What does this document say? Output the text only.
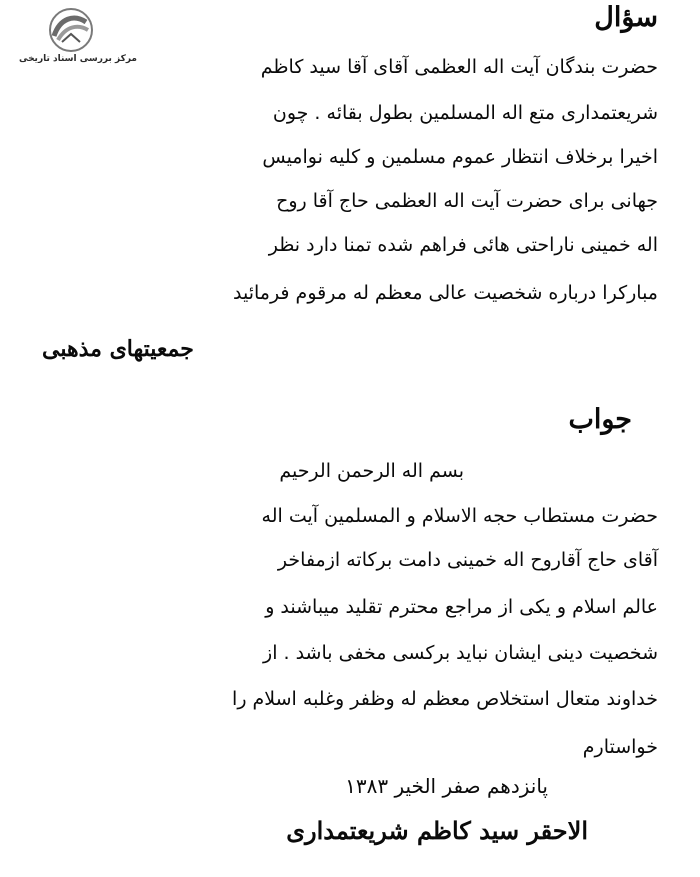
مرکز بررسی اسناد تاریخی
سؤال
حضرت بندگان آیت اله العظمی آقای آقا سید کاظم
شریعتمداری متع اله المسلمین بطول بقائه . چون
اخیرا برخلاف انتظار عموم مسلمین و کلیه نوامیس
جهانی برای حضرت آیت اله العظمی حاج آقا روح
اله خمینی ناراحتی هائی فراهم شده تمنا دارد نظر
مبارکرا درباره شخصیت عالی معظم له مرقوم فرمائید
جمعیتهای مذهبی
جواب
بسم اله الرحمن الرحیم
حضرت مستطاب حجه الاسلام و المسلمین آیت اله
آقای حاج آقاروح اله خمینی دامت برکاته ازمفاخر
عالم اسلام و یکی از مراجع محترم تقلید میباشند و
شخصیت دینی ایشان نباید برکسی مخفی باشد . از
خداوند متعال استخلاص معظم له وظفر وغلبه اسلام را
خواستارم
پانزدهم صفر الخیر ۱۳۸۳
الاحقر سید کاظم شریعتمداری
